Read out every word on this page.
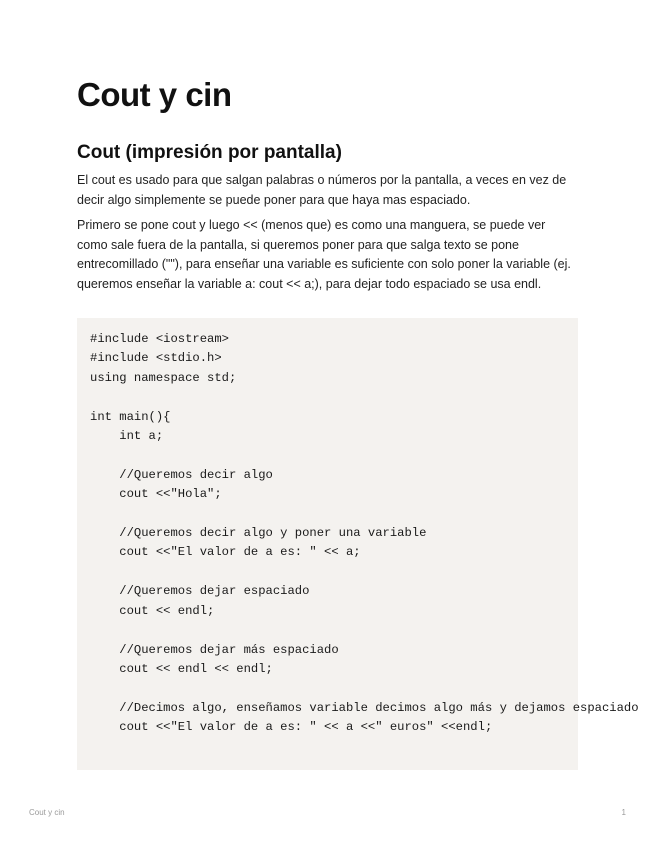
Cout y cin
Cout (impresión por pantalla)

El cout es usado para que salgan palabras o números por la pantalla, a veces en vez de decir algo simplemente se puede poner para que haya mas espaciado.

Primero se pone cout y luego << (menos que) es como una manguera, se puede ver como sale fuera de la pantalla, si queremos poner para que salga texto se pone entrecomillado (""), para enseñar una variable es suficiente con solo poner la variable (ej. queremos enseñar la variable a: cout << a;), para dejar todo espaciado se usa endl.

#include <iostream>
#include <stdio.h>
using namespace std;

int main(){
int a;

//Queremos decir algo
cout <<"Hola";

//Queremos decir algo y poner una variable
cout <<"El valor de a es: " << a;

//Queremos dejar espaciado
cout << endl;

//Queremos dejar más espaciado
cout << endl << endl;

//Decimos algo, enseñamos variable decimos algo más y dejamos espaciado
cout <<"El valor de a es: " << a <<" euros" <<endl;
Cout y cin	1
